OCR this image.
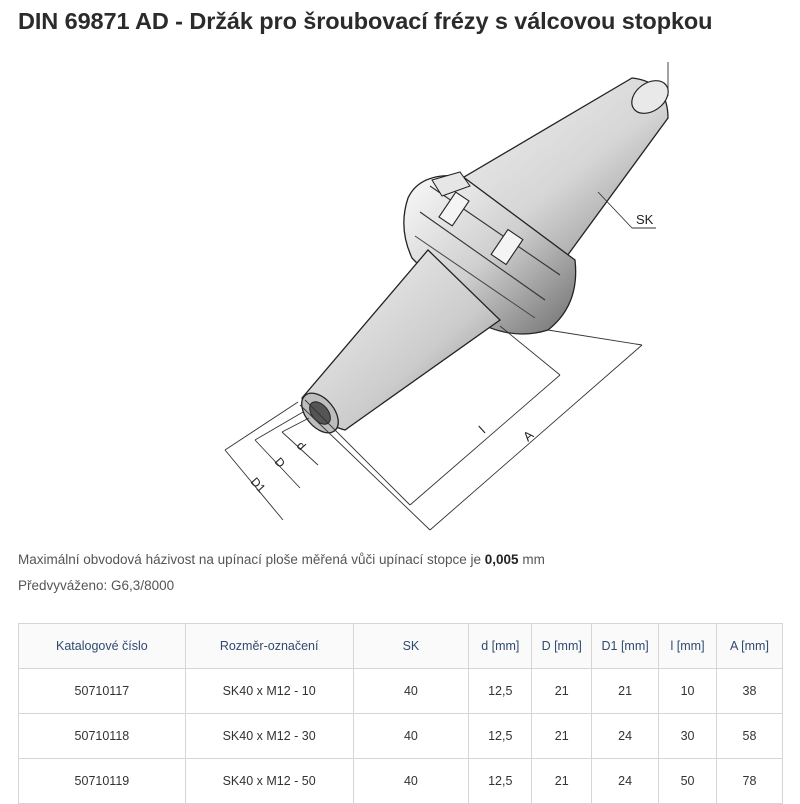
DIN 69871 AD - Držák pro šroubovací frézy s válcovou stopkou
SK
d
D
D1
l A
Maximální obvodová házivost na upínací ploše měřená vůči upínací stopce je 0,005 mm
Předvyváženo: G6,3/8000
Katalogové číslo	Rozměr-označení	SK	d [mm]	D [mm]	D1 [mm]	l [mm]	A [mm]
50710117	SK40 x M12 - 10	40	12,5	21	21	10	38
50710118	SK40 x M12 - 30	40	12,5	21	24	30	58
50710119	SK40 x M12 - 50	40	12,5	21	24	50	78
